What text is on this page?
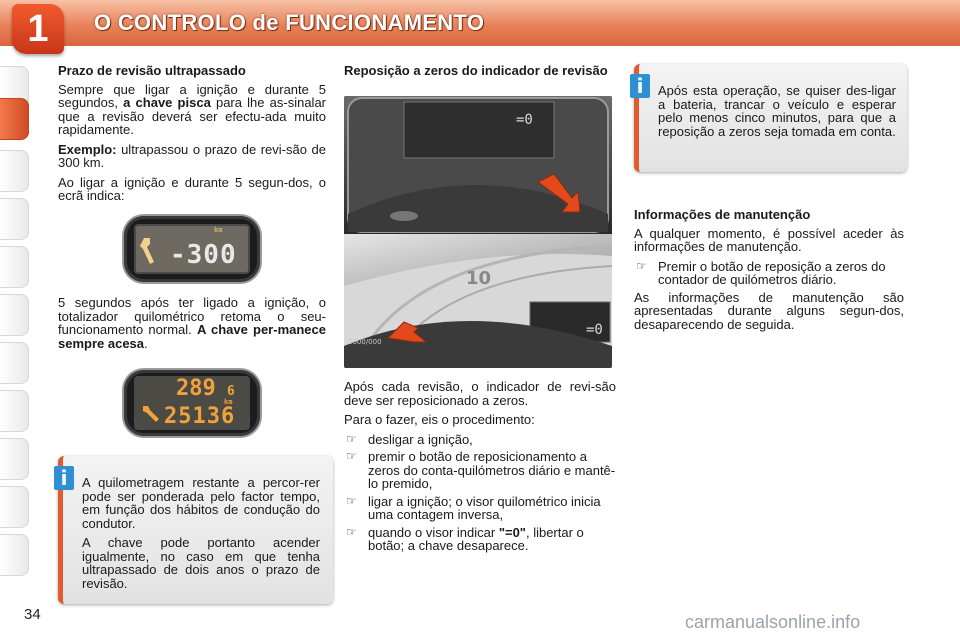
1	O CONTROLO de FUNCIONAMENTO

Prazo de revisão ultrapassado

Sempre que ligar a ignição e durante 5 segundos, a chave pisca para lhe as-sinalar que a revisão deverá ser efectu-ada muito rapidamente.

Exemplo: ultrapassou o prazo de revi-são de 300 km.

Ao ligar a ignição e durante 5 segun-dos, o ecrã indica:

km
-300

5 segundos após ter ligado a ignição, o totalizador quilométrico retoma o seu-funcionamento normal. A chave per-manece sempre acesa.

289 6
km
25136
i	A quilometragem restante a percor-rer pode ser ponderada pelo factor tempo, em função dos hábitos de condução do condutor.

A chave pode portanto acender igualmente, no caso em que tenha ultrapassado de dois anos o prazo de revisão.

Reposição a zeros do indicador de revisão

=0
10
=0
0000/000

Após cada revisão, o indicador de revi-são deve ser reposicionado a zeros.

Para o fazer, eis o procedimento:

☞ desligar a ignição,
☞ premir o botão de reposicionamento a zeros do conta-quilómetros diário e mantê-lo premido,
☞ ligar a ignição; o visor quilométrico inicia uma contagem inversa,
☞ quando o visor indicar "=0", libertar o botão; a chave desaparece.
i	Após esta operação, se quiser des-ligar a bateria, trancar o veículo e esperar pelo menos cinco minutos, para que a reposição a zeros seja tomada em conta.

Informações de manutenção

A qualquer momento, é possível aceder às informações de manutenção.

☞ Premir o botão de reposição a zeros do contador de quilómetros diário.

As informações de manutenção são apresentadas durante alguns segun-dos, desaparecendo de seguida.

34	carmanualsonline.info
